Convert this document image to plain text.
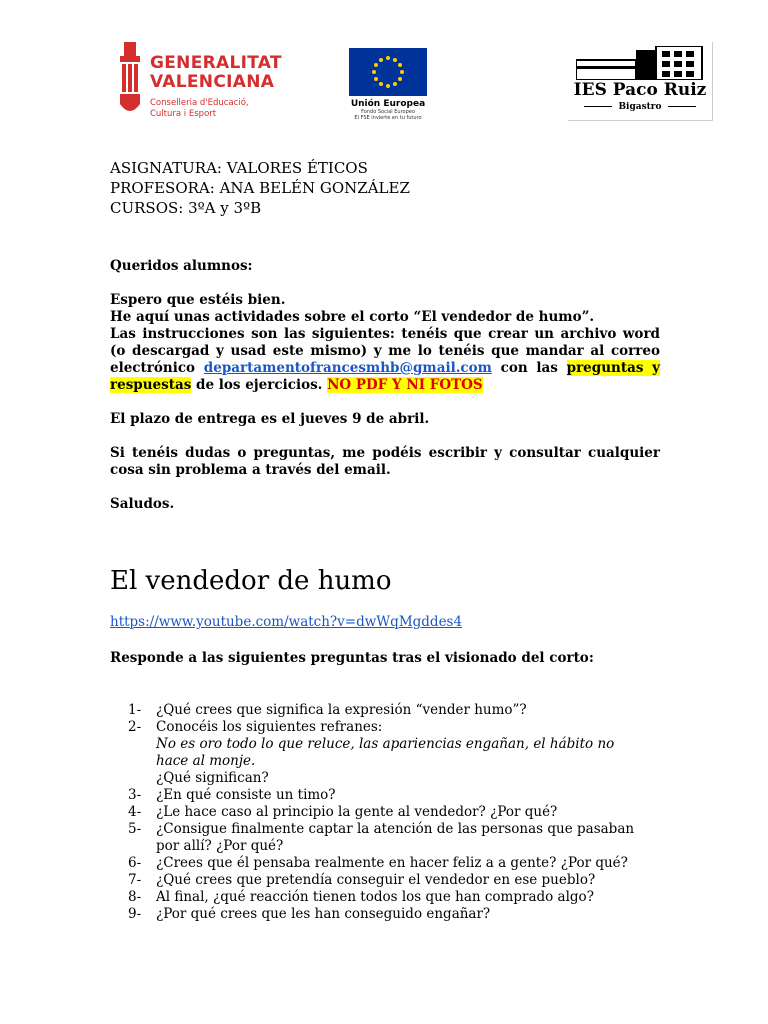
GENERALITAT
VALENCIANA
Conselleria d'Educació,
Cultura i Esport
Unión Europea
Fondo Social Europeo
El FSE invierte en tu futuro
IES Paco Ruiz
Bigastro
ASIGNATURA: VALORES ÉTICOS
PROFESORA: ANA BELÉN GONZÁLEZ
CURSOS: 3ºA y 3ºB

Queridos alumnos:

Espero que estéis bien.

He aquí unas actividades sobre el corto “El vendedor de humo”.

Las instrucciones son las siguientes: tenéis que crear un archivo word (o descargad y usad este mismo) y me lo tenéis que mandar al correo electrónico departamentofrancesmhb@gmail.com con las preguntas y respuestas de los ejercicios. NO PDF Y NI FOTOS

El plazo de entrega es el jueves 9 de abril.

Si tenéis dudas o preguntas, me podéis escribir y consultar cualquier cosa sin problema a través del email.

Saludos.

El vendedor de humo
https://www.youtube.com/watch?v=dwWqMgddes4
Responde a las siguientes preguntas tras el visionado del corto:
1-	¿Qué crees que significa la expresión “vender humo”?
2-	Conocéis los siguientes refranes:
No es oro todo lo que reluce, las apariencias engañan, el hábito no hace al monje.
¿Qué significan?
3-	¿En qué consiste un timo?
4-	¿Le hace caso al principio la gente al vendedor? ¿Por qué?
5-	¿Consigue finalmente captar la atención de las personas que pasaban por allí? ¿Por qué?
6-	¿Crees que él pensaba realmente en hacer feliz a a gente? ¿Por qué?
7-	¿Qué crees que pretendía conseguir el vendedor en ese pueblo?
8-	Al final, ¿qué reacción tienen todos los que han comprado algo?
9-	¿Por qué crees que les han conseguido engañar?
